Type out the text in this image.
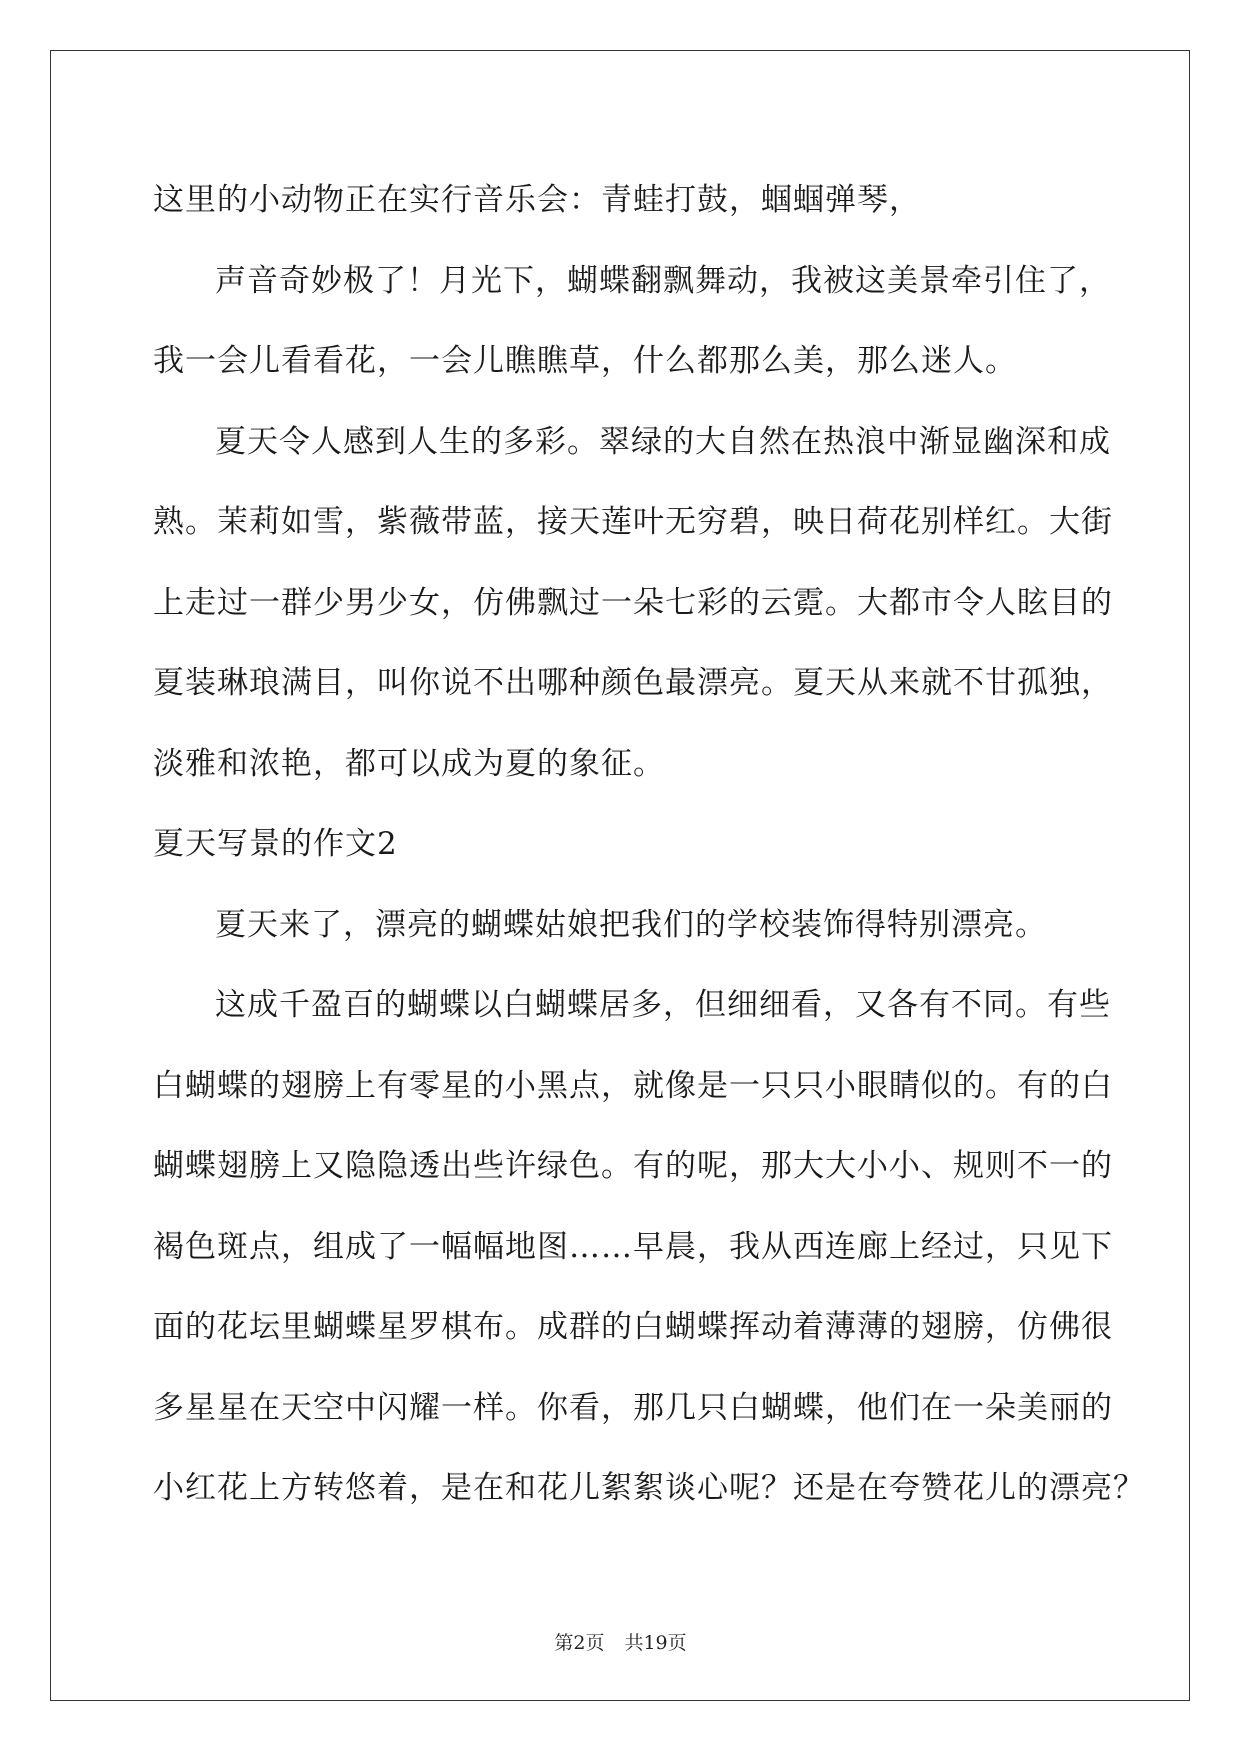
这里的小动物正在实行音乐会：青蛙打鼓，蝈蝈弹琴，

声音奇妙极了！月光下，蝴蝶翻飘舞动，我被这美景牵引住了，

我一会儿看看花，一会儿瞧瞧草，什么都那么美，那么迷人。

夏天令人感到人生的多彩。翠绿的大自然在热浪中渐显幽深和成

熟。茉莉如雪，紫薇带蓝，接天莲叶无穷碧，映日荷花别样红。大街

上走过一群少男少女，仿佛飘过一朵七彩的云霓。大都市令人眩目的

夏装琳琅满目，叫你说不出哪种颜色最漂亮。夏天从来就不甘孤独，

淡雅和浓艳，都可以成为夏的象征。

夏天写景的作文2

夏天来了，漂亮的蝴蝶姑娘把我们的学校装饰得特别漂亮。

这成千盈百的蝴蝶以白蝴蝶居多，但细细看，又各有不同。有些

白蝴蝶的翅膀上有零星的小黑点，就像是一只只小眼睛似的。有的白

蝴蝶翅膀上又隐隐透出些许绿色。有的呢，那大大小小、规则不一的

褐色斑点，组成了一幅幅地图……早晨，我从西连廊上经过，只见下

面的花坛里蝴蝶星罗棋布。成群的白蝴蝶挥动着薄薄的翅膀，仿佛很

多星星在天空中闪耀一样。你看，那几只白蝴蝶，他们在一朵美丽的

小红花上方转悠着，是在和花儿絮絮谈心呢？还是在夸赞花儿的漂亮？

第2页 共19页
